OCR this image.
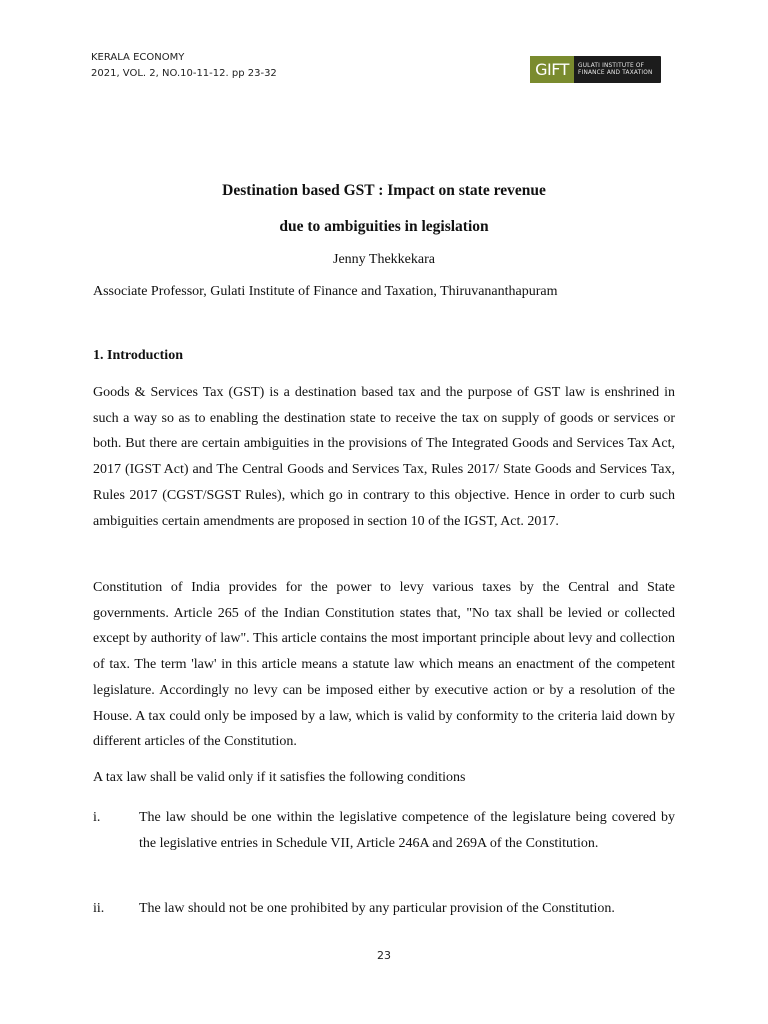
KERALA ECONOMY
2021, VOL. 2, NO.10-11-12. pp 23-32	GIFT	GULATI INSTITUTE OF
FINANCE AND TAXATION
Destination based GST : Impact on state revenue
due to ambiguities in legislation
Jenny Thekkekara
Associate Professor, Gulati Institute of Finance and Taxation, Thiruvananthapuram
1. Introduction

Goods & Services Tax (GST) is a destination based tax and the purpose of GST law is enshrined in such a way so as to enabling the destination state to receive the tax on supply of goods or services or both. But there are certain ambiguities in the provisions of The Integrated Goods and Services Tax Act, 2017 (IGST Act) and The Central Goods and Services Tax, Rules 2017/ State Goods and Services Tax, Rules 2017 (CGST/SGST Rules), which go in contrary to this objective. Hence in order to curb such ambiguities certain amendments are proposed in section 10 of the IGST, Act. 2017.

Constitution of India provides for the power to levy various taxes by the Central and State governments. Article 265 of the Indian Constitution states that, "No tax shall be levied or collected except by authority of law". This article contains the most important principle about levy and collection of tax. The term 'law' in this article means a statute law which means an enactment of the competent legislature. Accordingly no levy can be imposed either by executive action or by a resolution of the House. A tax could only be imposed by a law, which is valid by conformity to the criteria laid down by different articles of the Constitution.

A tax law shall be valid only if it satisfies the following conditions

i.	The law should be one within the legislative competence of the legislature being covered by the legislative entries in Schedule VII, Article 246A and 269A of the Constitution.
ii. The law should not be one prohibited by any particular provision of the Constitution.
23
